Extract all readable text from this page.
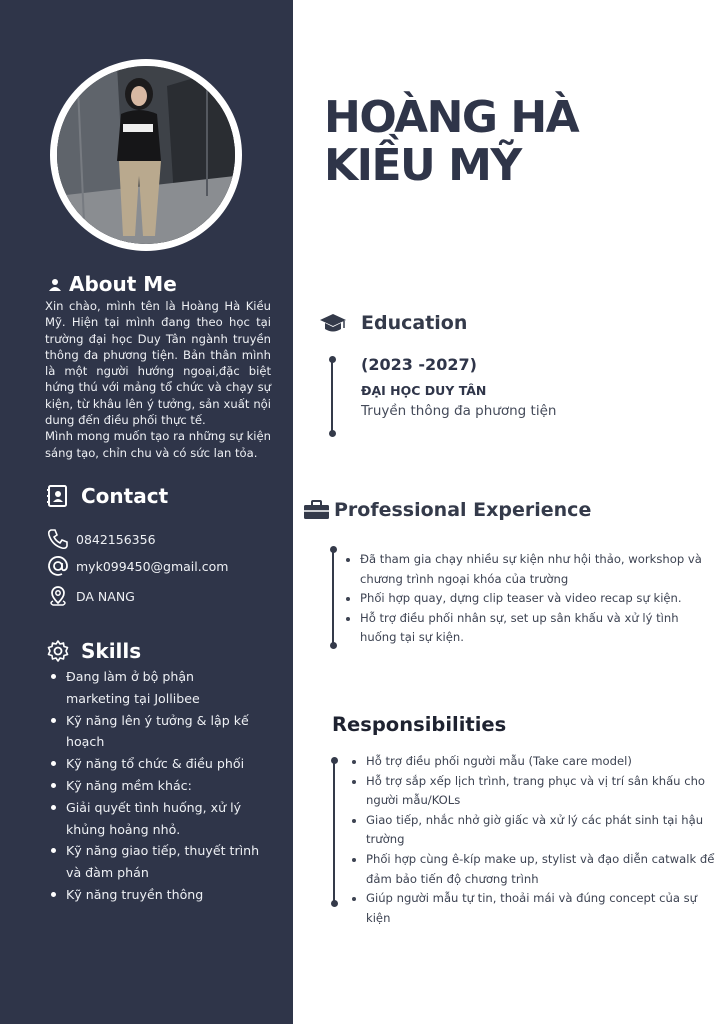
About Me

Xin chào, mình tên là Hoàng Hà Kiều Mỹ. Hiện tại mình đang theo học tại trường đại học Duy Tân ngành truyền thông đa phương tiện. Bản thân mình là một người hướng ngoại,đặc biệt hứng thú với mảng tổ chức và chạy sự kiện, từ khâu lên ý tưởng, sản xuất nội dung đến điều phối thực tế.

Mình mong muốn tạo ra những sự kiện sáng tạo, chỉn chu và có sức lan tỏa.

Contact
0842156356
myk099450@gmail.com
DA NANG
Skills
Đang làm ở bộ phận
marketing tại Jollibee
Kỹ năng lên ý tưởng & lập kế
hoạch
Kỹ năng tổ chức & điều phối
Kỹ năng mềm khác:
Giải quyết tình huống, xử lý
khủng hoảng nhỏ.
Kỹ năng giao tiếp, thuyết trình
và đàm phán
Kỹ năng truyền thông
HOÀNG HÀ
KIỀU MỸ
Education
(2023 -2027)
ĐẠI HỌC DUY TÂN
Truyền thông đa phương tiện
Professional Experience
Đã tham gia chạy nhiều sự kiện như hội thảo, workshop và chương trình ngoại khóa của trường
Phối hợp quay, dựng clip teaser và video recap sự kiện.
Hỗ trợ điều phối nhân sự, set up sân khấu và xử lý tình huống tại sự kiện.
Responsibilities
Hỗ trợ điều phối người mẫu (Take care model)
Hỗ trợ sắp xếp lịch trình, trang phục và vị trí sân khấu cho người mẫu/KOLs
Giao tiếp, nhắc nhở giờ giấc và xử lý các phát sinh tại hậu trường
Phối hợp cùng ê-kíp make up, stylist và đạo diễn catwalk để đảm bảo tiến độ chương trình
Giúp người mẫu tự tin, thoải mái và đúng concept của sự kiện
